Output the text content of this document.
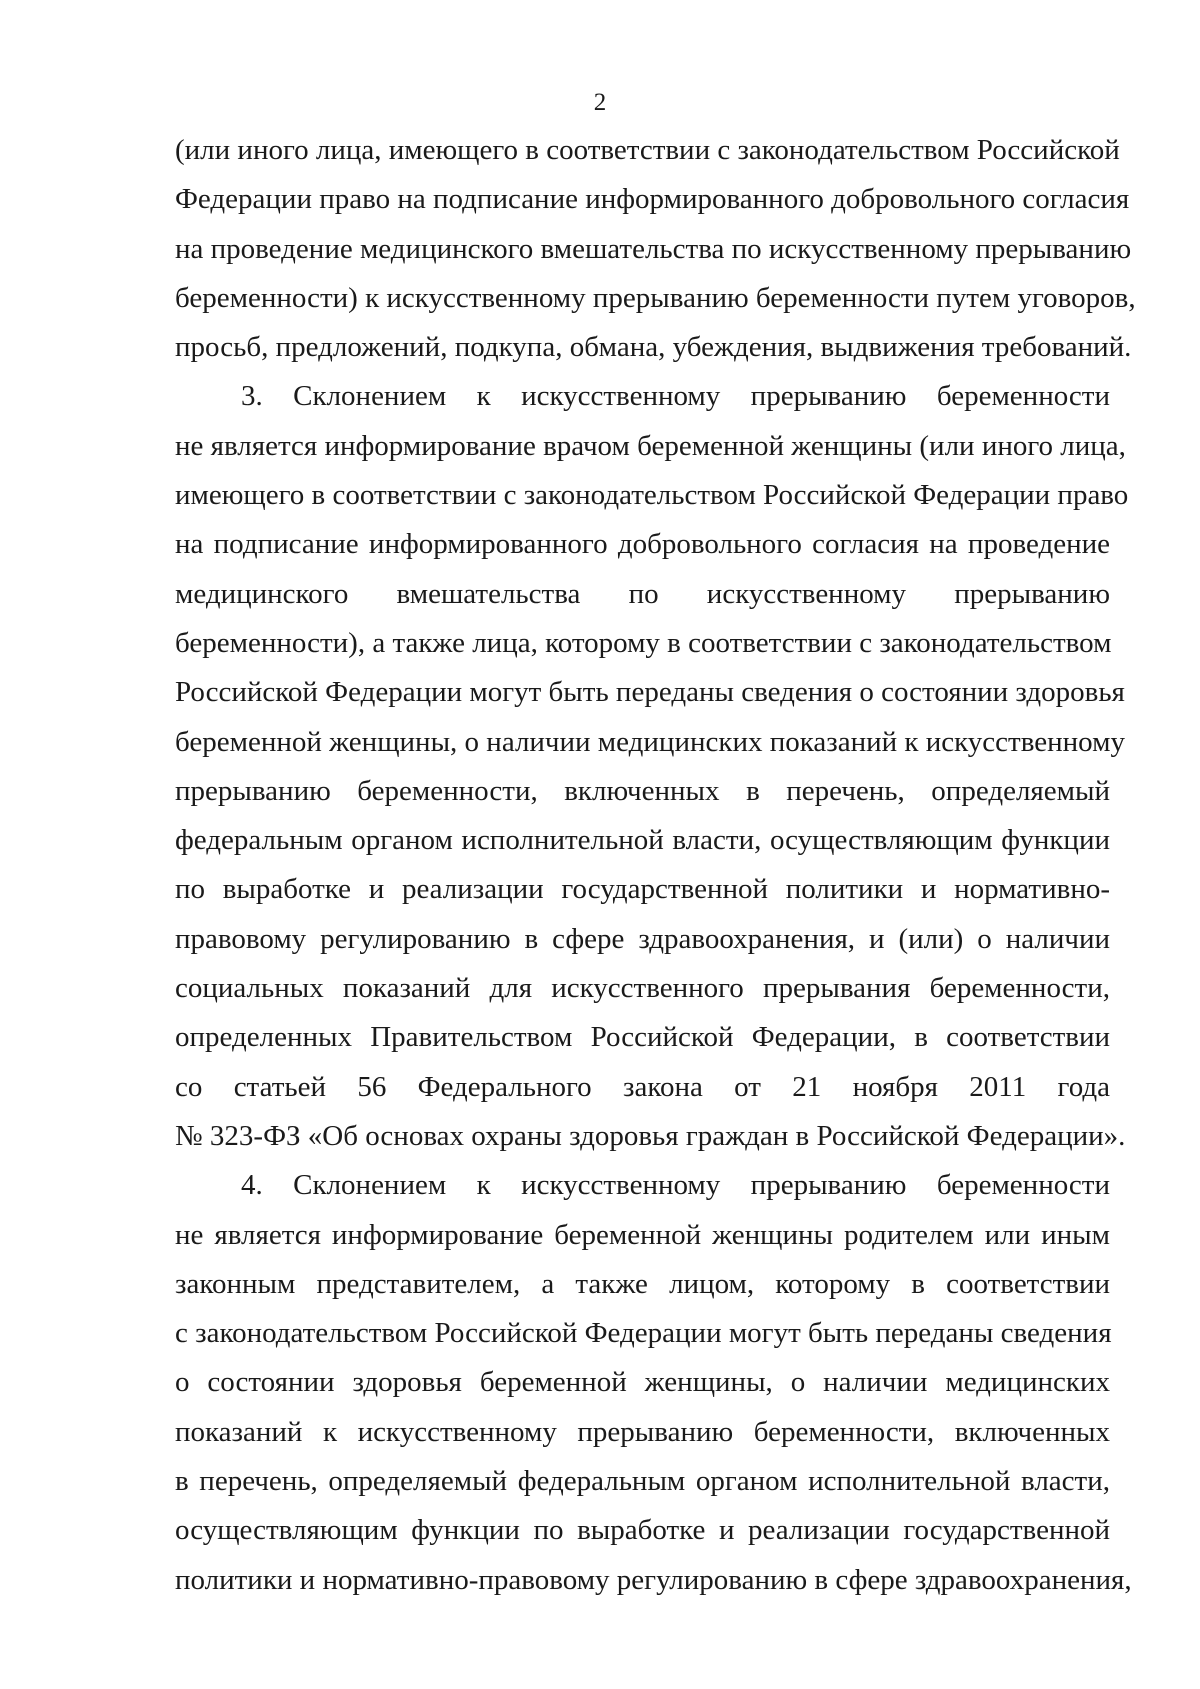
2
(или иного лица, имеющего в соответствии с законодательством Российской
Федерации право на подписание информированного добровольного согласия
на проведение медицинского вмешательства по искусственному прерыванию
беременности) к искусственному прерыванию беременности путем уговоров,
просьб, предложений, подкупа, обмана, убеждения, выдвижения требований.
3. Склонением к искусственному прерыванию беременности
не является информирование врачом беременной женщины (или иного лица,
имеющего в соответствии с законодательством Российской Федерации право
на подписание информированного добровольного согласия на проведение
медицинского вмешательства по искусственному прерыванию
беременности), а также лица, которому в соответствии с законодательством
Российской Федерации могут быть переданы сведения о состоянии здоровья
беременной женщины, о наличии медицинских показаний к искусственному
прерыванию беременности, включенных в перечень, определяемый
федеральным органом исполнительной власти, осуществляющим функции
по выработке и реализации государственной политики и нормативно-
правовому регулированию в сфере здравоохранения, и (или) о наличии
социальных показаний для искусственного прерывания беременности,
определенных Правительством Российской Федерации, в соответствии
со статьей 56 Федерального закона от 21 ноября 2011 года
№ 323-ФЗ «Об основах охраны здоровья граждан в Российской Федерации».
4. Склонением к искусственному прерыванию беременности
не является информирование беременной женщины родителем или иным
законным представителем, а также лицом, которому в соответствии
с законодательством Российской Федерации могут быть переданы сведения
о состоянии здоровья беременной женщины, о наличии медицинских
показаний к искусственному прерыванию беременности, включенных
в перечень, определяемый федеральным органом исполнительной власти,
осуществляющим функции по выработке и реализации государственной
политики и нормативно-правовому регулированию в сфере здравоохранения,
